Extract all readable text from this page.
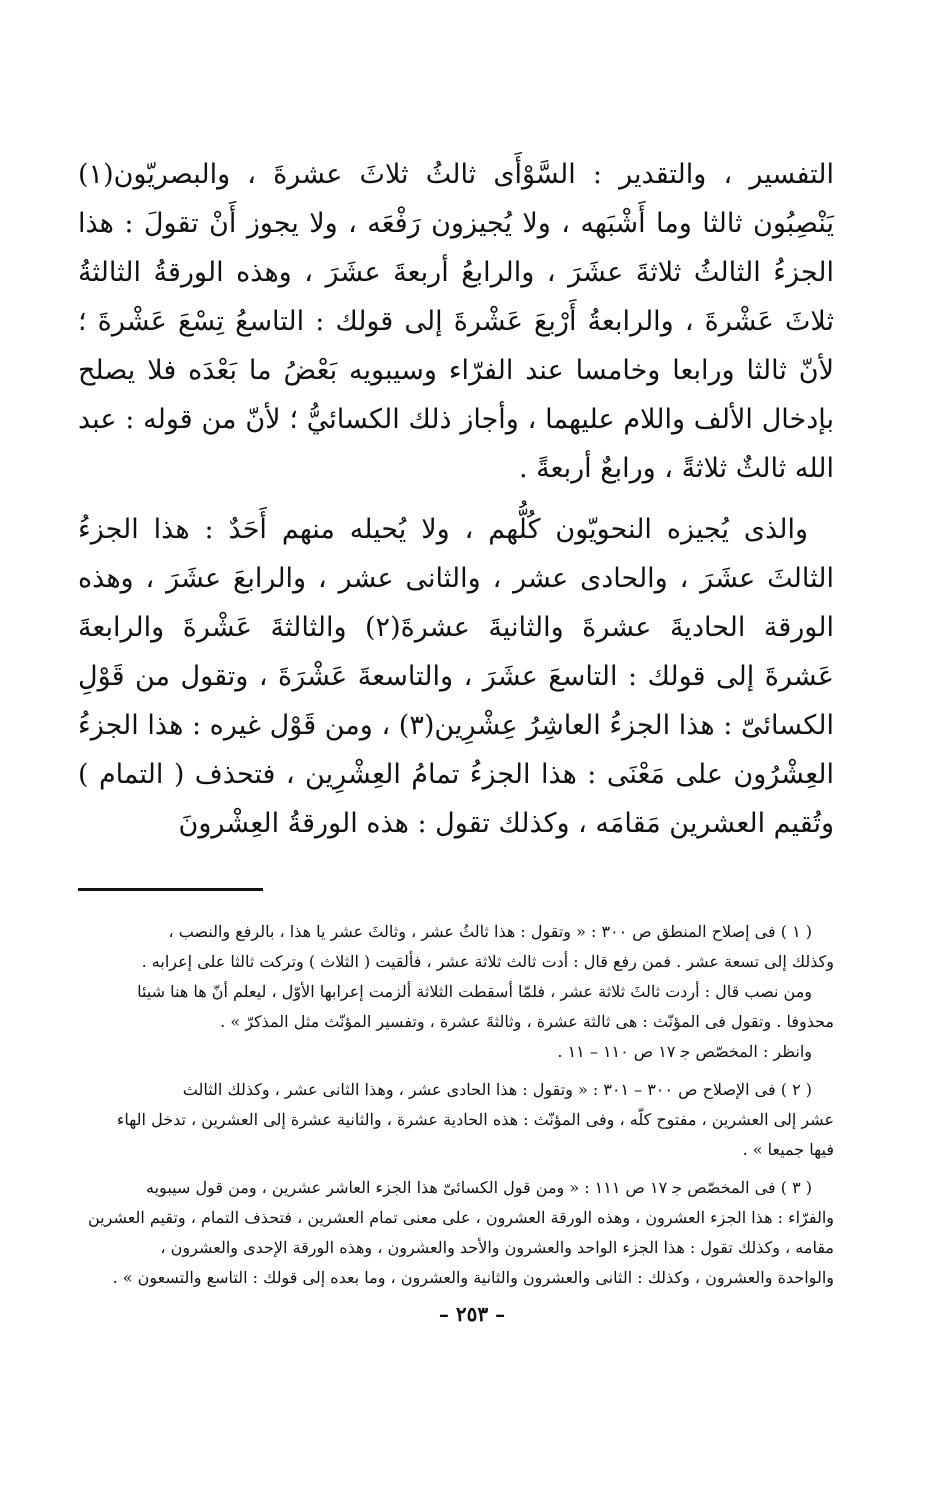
التفسير ، والتقدير : السَّوْأَى ثالثُ ثلاثَ عشرةَ ، والبصريّون(١) يَنْصِبُون ثالثا وما أَشْبَهه ، ولا يُجيزون رَفْعَه ، ولا يجوز أَنْ تقولَ : هذا الجزءُ الثالثُ ثلاثةَ عشَرَ ، والرابعُ أربعةَ عشَرَ ، وهذه الورقةُ الثالثةُ ثلاثَ عَشْرةَ ، والرابعةُ أَرْبعَ عَشْرةَ إلى قولك : التاسعُ تِسْعَ عَشْرةَ ؛ لأنّ ثالثا ورابعا وخامسا عند الفرّاء وسيبويه بَعْضُ ما بَعْدَه فلا يصلح بإدخال الألف واللام عليهما ، وأجاز ذلك الكسائيُّ ؛ لأنّ من قوله : عبد الله ثالثٌ ثلاثةً ، ورابعٌ أربعةً .

والذى يُجيزه النحويّون كُلُّهم ، ولا يُحيله منهم أَحَدٌ : هذا الجزءُ الثالثَ عشَرَ ، والحادى عشر ، والثانى عشر ، والرابعَ عشَرَ ، وهذه الورقة الحاديةَ عشرةَ والثانيةَ عشرةَ(٢) والثالثةَ عَشْرةَ والرابعةَ عَشرةَ إلى قولك : التاسعَ عشَرَ ، والتاسعةَ عَشْرَةَ ، وتقول من قَوْلِ الكسائىّ : هذا الجزءُ العاشِرُ عِشْرِين(٣) ، ومن قَوْل غيره : هذا الجزءُ العِشْرُون على مَعْنَى : هذا الجزءُ تمامُ العِشْرِين ، فتحذف ( التمام ) وتُقيم العشرين مَقامَه ، وكذلك تقول : هذه الورقةُ العِشْرونَ

( ١ ) فى إصلاح المنطق ص ٣٠٠ : « وتقول : هذا ثالثُ عشر ، وثالثَ عشر يا هذا ، بالرفع والنصب ،
وكذلك إلى تسعة عشر . فمن رفع قال : أدت ثالث ثلاثة عشر ، فألقيت ( الثلاث ) وتركت ثالثا على إعرابه .
ومن نصب قال : أردت ثالثَ ثلاثة عشر ، فلمّا أسقطت الثلاثة ألزمت إعرابها الأوّل ، ليعلم أنّ ها هنا شيئا
محذوفا . وتقول فى المؤنّث : هى ثالثة عشرة ، وثالثةَ عشرة ، وتفسير المؤنّث مثل المذكرّ » .
وانظر : المخصّص ﺟ ١٧ ص ١١٠ – ١١ .
( ٢ ) فى الإصلاح ص ٣٠٠ – ٣٠١ : « وتقول : هذا الحادى عشر ، وهذا الثانى عشر ، وكذلك الثالث
عشر إلى العشرين ، مفتوح كلّه ، وفى المؤنّث : هذه الحادية عشرة ، والثانية عشرة إلى العشرين ، تدخل الهاء
فيها جميعا » .
( ٣ ) فى المخصّص ﺟ ١٧ ص ١١١ : « ومن قول الكسائىّ هذا الجزء العاشر عشرين ، ومن قول سيبويه
والفرّاء : هذا الجزء العشرون ، وهذه الورقة العشرون ، على معنى تمام العشرين ، فتحذف التمام ، وتقيم العشرين
مقامه ، وكذلك تقول : هذا الجزء الواحد والعشرون والأحد والعشرون ، وهذه الورقة الإحدى والعشرون ،
والواحدة والعشرون ، وكذلك : الثانى والعشرون والثانية والعشرون ، وما بعده إلى قولك : التاسع والتسعون » .
– ٢٥٣ –
